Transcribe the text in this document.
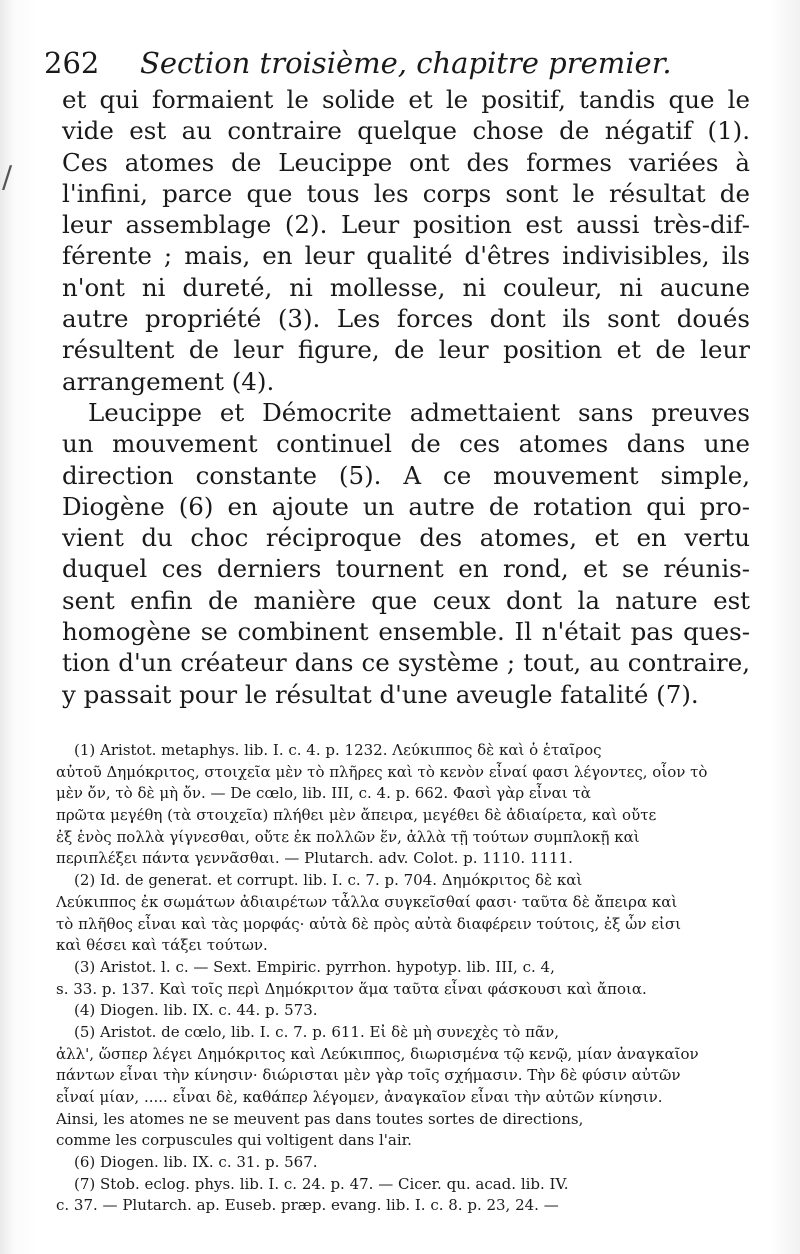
262 Section troisième, chapitre premier.
/
et qui formaient le solide et le positif, tandis que le
vide est au contraire quelque chose de négatif (1).
Ces atomes de Leucippe ont des formes variées à
l'infini, parce que tous les corps sont le résultat de
leur assemblage (2). Leur position est aussi très-dif-
férente ; mais, en leur qualité d'êtres indivisibles, ils
n'ont ni dureté, ni mollesse, ni couleur, ni aucune
autre propriété (3). Les forces dont ils sont doués
résultent de leur figure, de leur position et de leur
arrangement (4).
Leucippe et Démocrite admettaient sans preuves
un mouvement continuel de ces atomes dans une
direction constante (5). A ce mouvement simple,
Diogène (6) en ajoute un autre de rotation qui pro-
vient du choc réciproque des atomes, et en vertu
duquel ces derniers tournent en rond, et se réunis-
sent enfin de manière que ceux dont la nature est
homogène se combinent ensemble. Il n'était pas ques-
tion d'un créateur dans ce système ; tout, au contraire,
y passait pour le résultat d'une aveugle fatalité (7).
(1) Aristot. metaphys. lib. I. c. 4. p. 1232. Λεύκιππος δὲ καὶ ὁ ἑταῖρος
αὐτοῦ Δημόκριτος, στοιχεῖα μὲν τὸ πλῆρες καὶ τὸ κενὸν εἶναί φασι λέγοντες, οἷον τὸ
μὲν ὄν, τὸ δὲ μὴ ὄν. — De cœlo, lib. III, c. 4. p. 662. Φασὶ γὰρ εἶναι τὰ
πρῶτα μεγέθη (τὰ στοιχεῖα) πλήθει μὲν ἄπειρα, μεγέθει δὲ ἀδιαίρετα, καὶ οὔτε
ἐξ ἑνὸς πολλὰ γίγνεσθαι, οὔτε ἐκ πολλῶν ἕν, ἀλλὰ τῇ τούτων συμπλοκῇ καὶ
περιπλέξει πάντα γεννᾶσθαι. — Plutarch. adv. Colot. p. 1110. 1111.
(2) Id. de generat. et corrupt. lib. I. c. 7. p. 704. Δημόκριτος δὲ καὶ
Λεύκιππος ἐκ σωμάτων ἀδιαιρέτων τἆλλα συγκεῖσθαί φασι· ταῦτα δὲ ἄπειρα καὶ
τὸ πλῆθος εἶναι καὶ τὰς μορφάς· αὐτὰ δὲ πρὸς αὐτὰ διαφέρειν τούτοις, ἐξ ὧν εἰσι
καὶ θέσει καὶ τάξει τούτων.
(3) Aristot. l. c. — Sext. Empiric. pyrrhon. hypotyp. lib. III, c. 4,
s. 33. p. 137. Καὶ τοῖς περὶ Δημόκριτον ἅμα ταῦτα εἶναι φάσκουσι καὶ ἄποια.
(4) Diogen. lib. IX. c. 44. p. 573.
(5) Aristot. de cœlo, lib. I. c. 7. p. 611. Εἰ δὲ μὴ συνεχὲς τὸ πᾶν,
ἀλλ', ὥσπερ λέγει Δημόκριτος καὶ Λεύκιππος, διωρισμένα τῷ κενῷ, μίαν ἀναγκαῖον
πάντων εἶναι τὴν κίνησιν· διώρισται μὲν γὰρ τοῖς σχήμασιν. Τὴν δὲ φύσιν αὐτῶν
εἶναί μίαν, ..... εἶναι δὲ, καθάπερ λέγομεν, ἀναγκαῖον εἶναι τὴν αὐτῶν κίνησιν.
Ainsi, les atomes ne se meuvent pas dans toutes sortes de directions,
comme les corpuscules qui voltigent dans l'air.
(6) Diogen. lib. IX. c. 31. p. 567.
(7) Stob. eclog. phys. lib. I. c. 24. p. 47. — Cicer. qu. acad. lib. IV.
c. 37. — Plutarch. ap. Euseb. præp. evang. lib. I. c. 8. p. 23, 24. —
